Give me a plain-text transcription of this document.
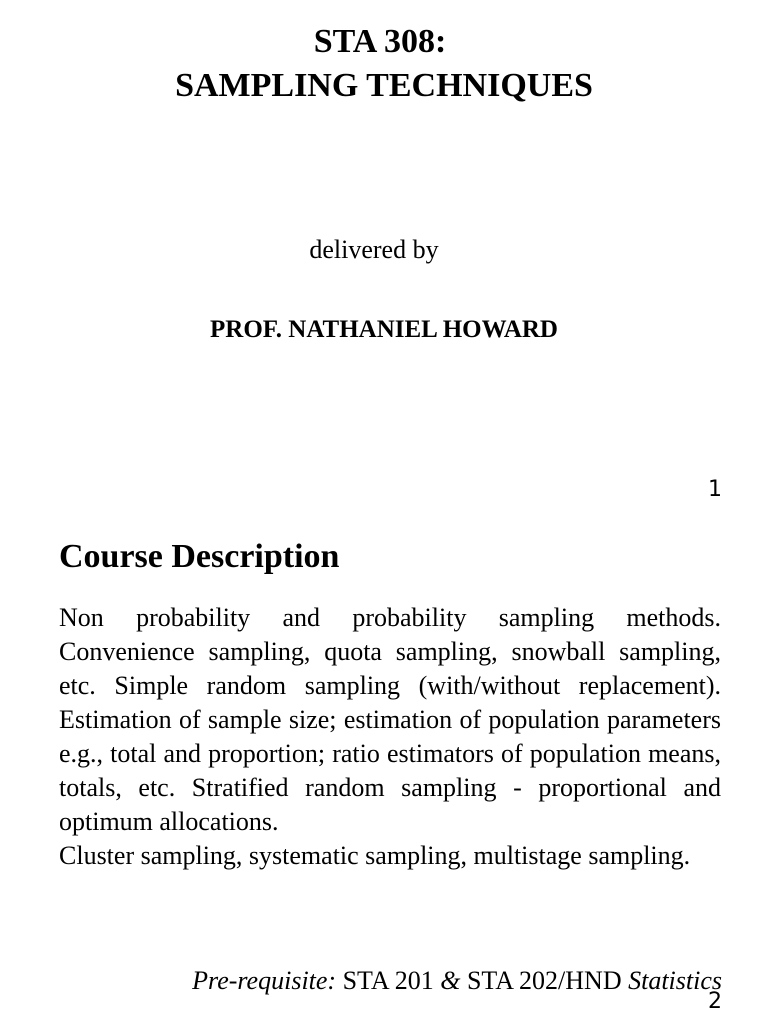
STA 308:
SAMPLING TECHNIQUES
delivered by
PROF. NATHANIEL HOWARD
1
Course Description
Non probability and probability sampling methods. Convenience sampling, quota sampling, snowball sampling, etc. Simple random sampling (with/without replacement). Estimation of sample size; estimation of population parameters e.g., total and proportion; ratio estimators of population means, totals, etc. Stratified random sampling - proportional and optimum allocations.
Cluster sampling, systematic sampling, multistage sampling.
Pre-requisite: STA 201 & STA 202/HND Statistics
2
